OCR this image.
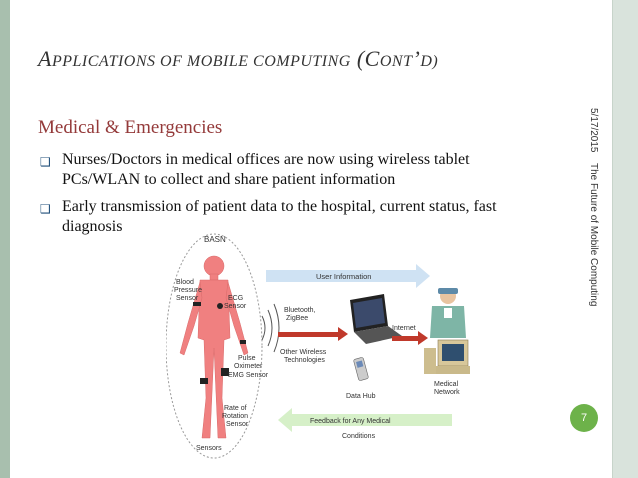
APPLICATIONS OF MOBILE COMPUTING (CONT’D)
Medical & Emergencies
❑ Nurses/Doctors in medical offices are now using wireless tablet PCs/WLAN to collect and share patient information
❑ Early transmission of patient data to the hospital, current status, fast diagnosis
5/17/2015
The Future of Mobile Computing
7
BASN
Blood
Pressure
Sensor	ECG
Sensor
Pulse
Oximeter
EMG Sensor
Rate of
Rotation
Sensor
Sensors
User Information
Bluetooth,
ZigBee
Other Wireless
Technologies
Data Hub
Internet
Medical
Network
Feedback for Any Medical
Conditions
